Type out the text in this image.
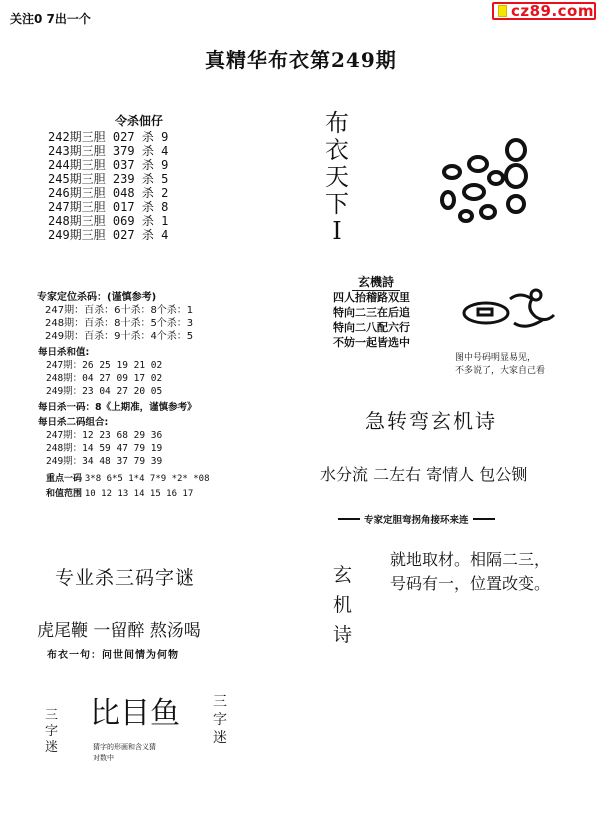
关注0 7出一个	cz89.com
真精华布衣第249期
令杀佃仔
242期三胆 027 杀 9
243期三胆 379 杀 4
244期三胆 037 杀 9
245期三胆 239 杀 5
246期三胆 048 杀 2
247期三胆 017 杀 8
248期三胆 069 杀 1
249期三胆 027 杀 4
布
衣
天
下
I
专家定位杀码：(谨慎参考)
247期：百杀：6十杀：8个杀：1
248期：百杀：8十杀：5个杀：3
249期：百杀：9十杀：4个杀：5
每日杀和值:
247期：26 25 19 21 02
248期：04 27 09 17 02
249期：23 04 27 20 05
每日杀一码：8《上期准，谨慎参考》
每日杀二码组合:
247期：12 23 68 29 36
248期：14 59 47 79 19
249期：34 48 37 79 39
重点一码 3*8 6*5 1*4 7*9 *2* *08
和值范围 10 12 13 14 15 16 17
玄機詩
四人抬稽路双里
特向二三在后追
特向二八配六行
不妨一起皆选中
图中号码明显易见，
不多说了，大家自己看
急转弯玄机诗
水分流 二左右 寄情人 包公铡
专家定胆弯拐角接环来连
玄
机
诗
就地取材。相隔二三，
号码有一，位置改变。
专业杀三码字谜
虎尾鞭 一留醉 熬汤喝
布衣一句：问世间情为何物
三
字
迷
比目鱼 三
字
迷
猜字的形画和含义猜
对数中
